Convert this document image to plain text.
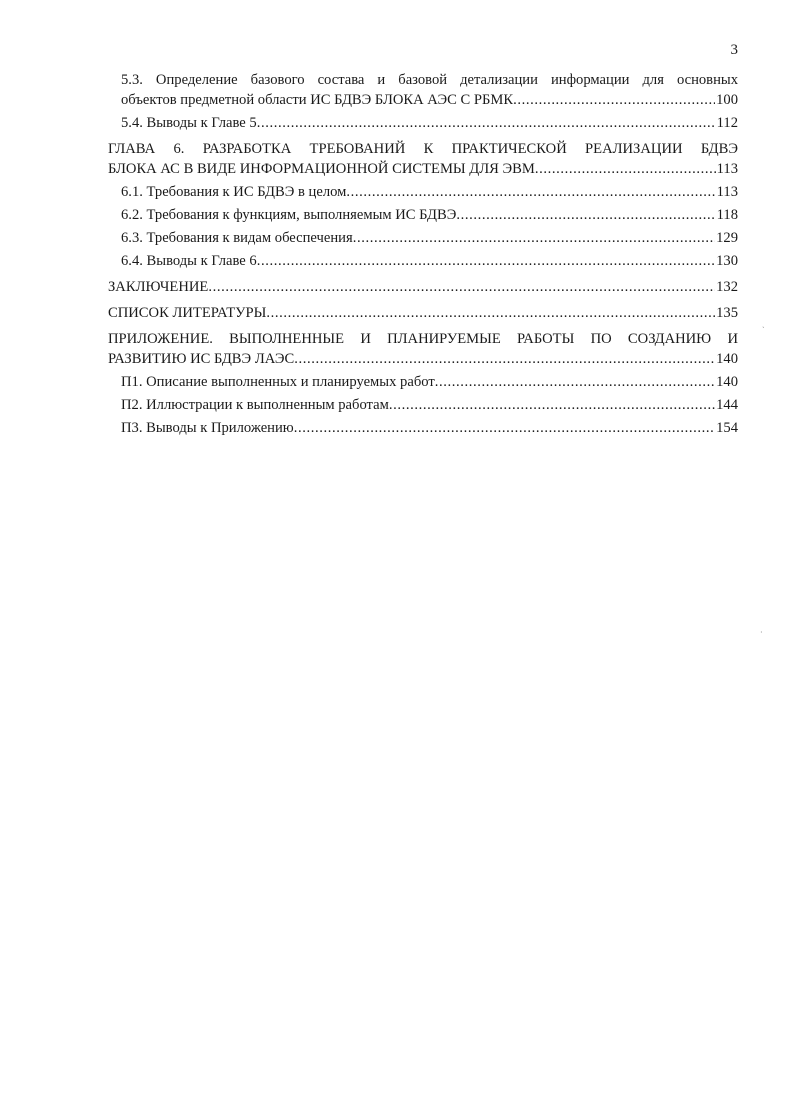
3
5.3. Определение базового состава и базовой детализации информации для основных
объектов предметной области ИС БДВЭ БЛОКА АЭС С РБМК .....	100
5.4. Выводы к Главе 5 .....	112
ГЛАВА 6. РАЗРАБОТКА ТРЕБОВАНИЙ К ПРАКТИЧЕСКОЙ РЕАЛИЗАЦИИ БДВЭ
БЛОКА АС В ВИДЕ ИНФОРМАЦИОННОЙ СИСТЕМЫ ДЛЯ ЭВМ .....	113
6.1. Требования к ИС БДВЭ в целом .....	113
6.2. Требования к функциям, выполняемым ИС БДВЭ .....	118
6.3. Требования к видам обеспечения .....	129
6.4. Выводы к Главе 6 .....	130
ЗАКЛЮЧЕНИЕ .....	132
СПИСОК ЛИТЕРАТУРЫ .....	135
ПРИЛОЖЕНИЕ. ВЫПОЛНЕННЫЕ И ПЛАНИРУЕМЫЕ РАБОТЫ ПО СОЗДАНИЮ И
РАЗВИТИЮ ИС БДВЭ ЛАЭС .....	140
П1. Описание выполненных и планируемых работ .....	140
П2. Иллюстрации к выполненным работам .....	144
П3. Выводы к Приложению .....	154
˴
·
